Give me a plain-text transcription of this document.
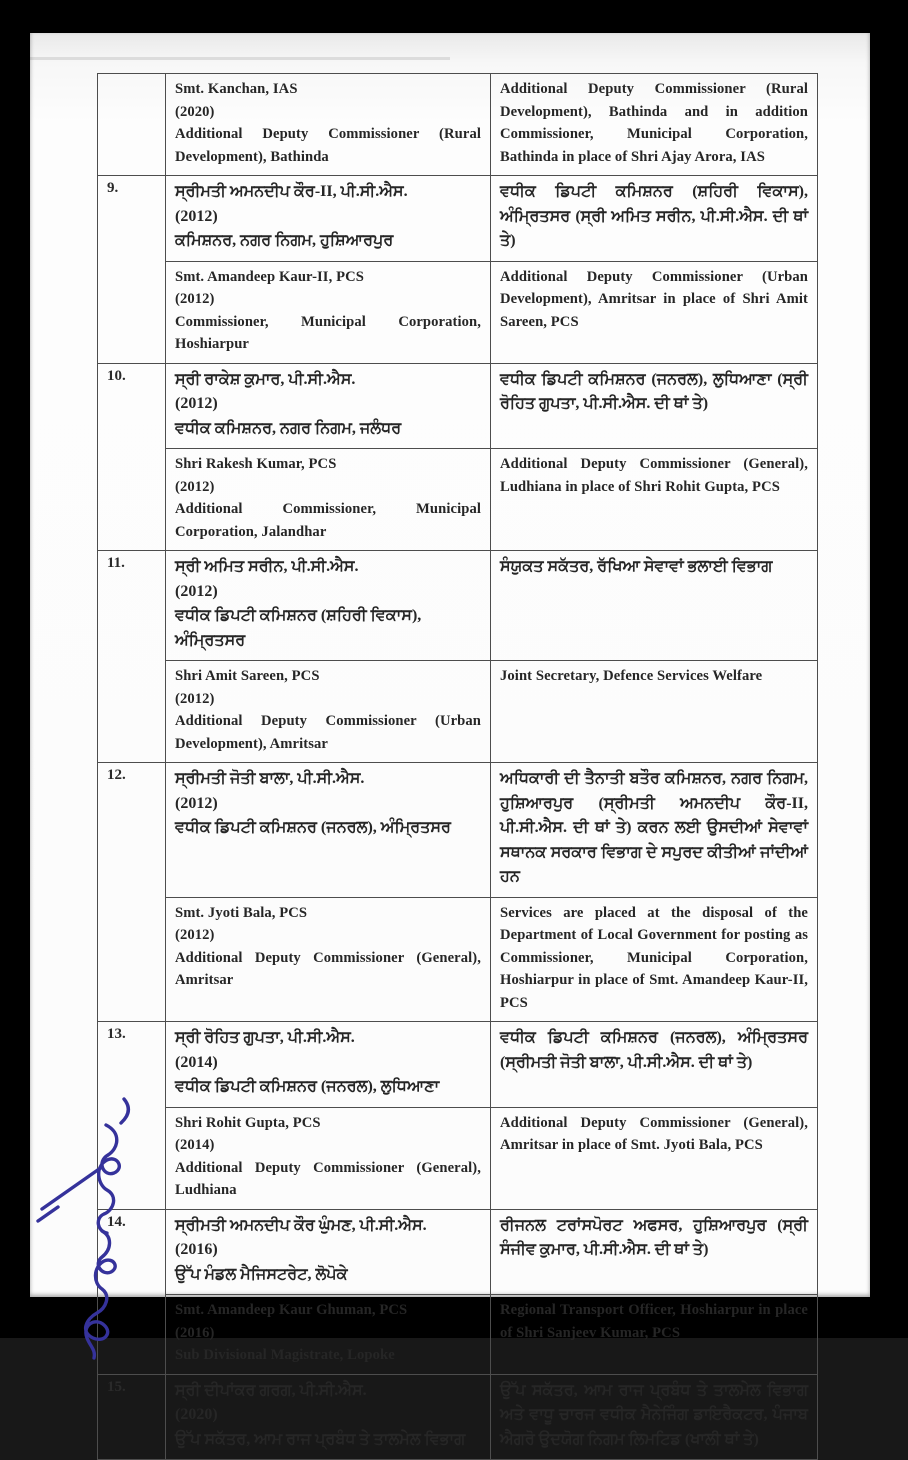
	Smt. Kanchan, IAS
(2020)
Additional Deputy Commissioner (Rural Development), Bathinda	Additional Deputy Commissioner (Rural Development), Bathinda and in addition Commissioner, Municipal Corporation, Bathinda in place of Shri Ajay Arora, IAS

9.	ਸ੍ਰੀਮਤੀ ਅਮਨਦੀਪ ਕੌਰ-II, ਪੀ.ਸੀ.ਐਸ.
(2012)
ਕਮਿਸ਼ਨਰ, ਨਗਰ ਨਿਗਮ, ਹੁਸ਼ਿਆਰਪੁਰ	ਵਧੀਕ ਡਿਪਟੀ ਕਮਿਸ਼ਨਰ (ਸ਼ਹਿਰੀ ਵਿਕਾਸ), ਅੰਮ੍ਰਿਤਸਰ (ਸ੍ਰੀ ਅਮਿਤ ਸਰੀਨ, ਪੀ.ਸੀ.ਐਸ. ਦੀ ਥਾਂ ਤੇ)

	Smt. Amandeep Kaur-II, PCS
(2012)
Commissioner, Municipal Corporation, Hoshiarpur	Additional Deputy Commissioner (Urban Development), Amritsar in place of Shri Amit Sareen, PCS

10.	ਸ੍ਰੀ ਰਾਕੇਸ਼ ਕੁਮਾਰ, ਪੀ.ਸੀ.ਐਸ.
(2012)
ਵਧੀਕ ਕਮਿਸ਼ਨਰ, ਨਗਰ ਨਿਗਮ, ਜਲੰਧਰ	ਵਧੀਕ ਡਿਪਟੀ ਕਮਿਸ਼ਨਰ (ਜਨਰਲ), ਲੁਧਿਆਣਾ (ਸ੍ਰੀ ਰੋਹਿਤ ਗੁਪਤਾ, ਪੀ.ਸੀ.ਐਸ. ਦੀ ਥਾਂ ਤੇ)

	Shri Rakesh Kumar, PCS
(2012)
Additional Commissioner, Municipal Corporation, Jalandhar	Additional Deputy Commissioner (General), Ludhiana in place of Shri Rohit Gupta, PCS

11.	ਸ੍ਰੀ ਅਮਿਤ ਸਰੀਨ, ਪੀ.ਸੀ.ਐਸ.
(2012)
ਵਧੀਕ ਡਿਪਟੀ ਕਮਿਸ਼ਨਰ (ਸ਼ਹਿਰੀ ਵਿਕਾਸ), ਅੰਮ੍ਰਿਤਸਰ	ਸੰਯੁਕਤ ਸਕੱਤਰ, ਰੱਖਿਆ ਸੇਵਾਵਾਂ ਭਲਾਈ ਵਿਭਾਗ

	Shri Amit Sareen, PCS
(2012)
Additional Deputy Commissioner (Urban Development), Amritsar	Joint Secretary, Defence Services Welfare

12.	ਸ੍ਰੀਮਤੀ ਜੋਤੀ ਬਾਲਾ, ਪੀ.ਸੀ.ਐਸ.
(2012)
ਵਧੀਕ ਡਿਪਟੀ ਕਮਿਸ਼ਨਰ (ਜਨਰਲ), ਅੰਮ੍ਰਿਤਸਰ	ਅਧਿਕਾਰੀ ਦੀ ਤੈਨਾਤੀ ਬਤੌਰ ਕਮਿਸ਼ਨਰ, ਨਗਰ ਨਿਗਮ, ਹੁਸ਼ਿਆਰਪੁਰ (ਸ੍ਰੀਮਤੀ ਅਮਨਦੀਪ ਕੌਰ-II, ਪੀ.ਸੀ.ਐਸ. ਦੀ ਥਾਂ ਤੇ) ਕਰਨ ਲਈ ਉਸਦੀਆਂ ਸੇਵਾਵਾਂ ਸਥਾਨਕ ਸਰਕਾਰ ਵਿਭਾਗ ਦੇ ਸਪੁਰਦ ਕੀਤੀਆਂ ਜਾਂਦੀਆਂ ਹਨ

	Smt. Jyoti Bala, PCS
(2012)
Additional Deputy Commissioner (General), Amritsar	Services are placed at the disposal of the Department of Local Government for posting as Commissioner, Municipal Corporation, Hoshiarpur in place of Smt. Amandeep Kaur-II, PCS

13.	ਸ੍ਰੀ ਰੋਹਿਤ ਗੁਪਤਾ, ਪੀ.ਸੀ.ਐਸ.
(2014)
ਵਧੀਕ ਡਿਪਟੀ ਕਮਿਸ਼ਨਰ (ਜਨਰਲ), ਲੁਧਿਆਣਾ	ਵਧੀਕ ਡਿਪਟੀ ਕਮਿਸ਼ਨਰ (ਜਨਰਲ), ਅੰਮ੍ਰਿਤਸਰ (ਸ੍ਰੀਮਤੀ ਜੋਤੀ ਬਾਲਾ, ਪੀ.ਸੀ.ਐਸ. ਦੀ ਥਾਂ ਤੇ)

	Shri Rohit Gupta, PCS
(2014)
Additional Deputy Commissioner (General), Ludhiana	Additional Deputy Commissioner (General), Amritsar in place of Smt. Jyoti Bala, PCS

14.	ਸ੍ਰੀਮਤੀ ਅਮਨਦੀਪ ਕੌਰ ਘੁੰਮਣ, ਪੀ.ਸੀ.ਐਸ.
(2016)
ਉੱਪ ਮੰਡਲ ਮੈਜਿਸਟਰੇਟ, ਲੋਪੋਕੇ	ਰੀਜਨਲ ਟਰਾਂਸਪੋਰਟ ਅਫਸਰ, ਹੁਸ਼ਿਆਰਪੁਰ (ਸ੍ਰੀ ਸੰਜੀਵ ਕੁਮਾਰ, ਪੀ.ਸੀ.ਐਸ. ਦੀ ਥਾਂ ਤੇ)

	Smt. Amandeep Kaur Ghuman, PCS
(2016)
Sub Divisional Magistrate, Lopoke	Regional Transport Officer, Hoshiarpur in place of Shri Sanjeev Kumar, PCS

15.	ਸ੍ਰੀ ਦੀਪਾਂਕਰ ਗਰਗ, ਪੀ.ਸੀ.ਐਸ.
(2020)
ਉੱਪ ਸਕੱਤਰ, ਆਮ ਰਾਜ ਪ੍ਰਬੰਧ ਤੇ ਤਾਲਮੇਲ ਵਿਭਾਗ	ਉੱਪ ਸਕੱਤਰ, ਆਮ ਰਾਜ ਪ੍ਰਬੰਧ ਤੇ ਤਾਲਮੇਲ ਵਿਭਾਗ ਅਤੇ ਵਾਧੂ ਚਾਰਜ ਵਧੀਕ ਮੈਨੇਜਿੰਗ ਡਾਇਰੈਕਟਰ, ਪੰਜਾਬ ਐਗਰੋ ਉਦਯੋਗ ਨਿਗਮ ਲਿਮਟਿਡ (ਖਾਲੀ ਥਾਂ ਤੇ)
